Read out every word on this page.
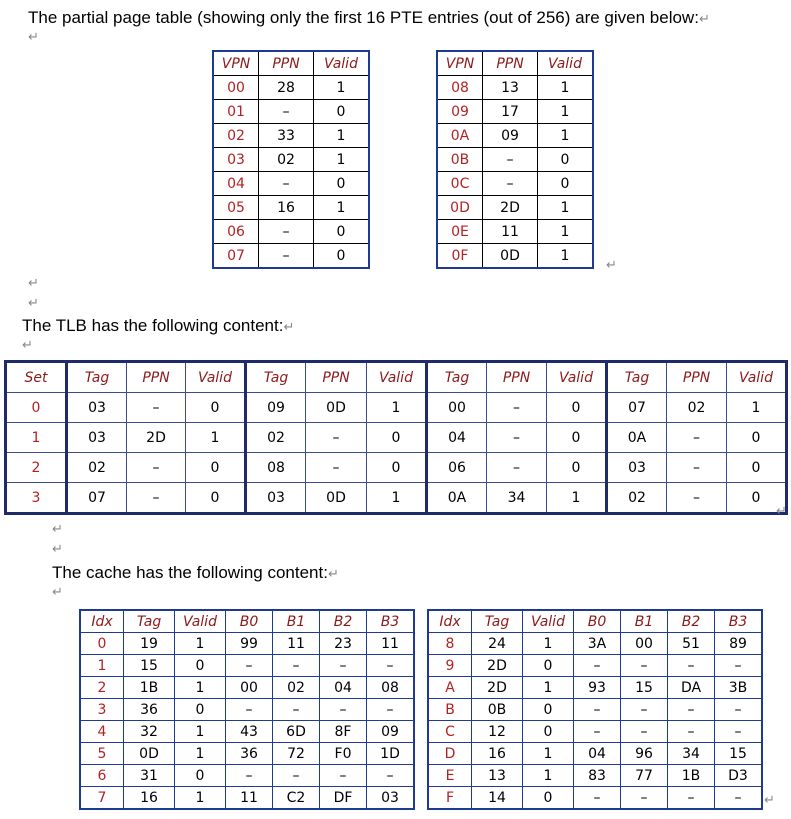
The partial page table (showing only the first 16 PTE entries (out of 256) are given below:↵
↵
VPN	PPN	Valid
00	28	1
01	–	0
02	33	1
03	02	1
04	–	0
05	16	1
06	–	0
07	–	0
VPN	PPN	Valid
08	13	1
09	17	1
0A	09	1
0B	–	0
0C	–	0
0D	2D	1
0E	11	1
0F	0D	1
↵
↵
↵
The TLB has the following content:↵
↵
Set	Tag	PPN	Valid	Tag	PPN	Valid	Tag	PPN	Valid	Tag	PPN	Valid
0	03	–	0	09	0D	1	00	–	0	07	02	1
1	03	2D	1	02	–	0	04	–	0	0A	–	0
2	02	–	0	08	–	0	06	–	0	03	–	0
3	07	–	0	03	0D	1	0A	34	1	02	–	0
↵
↵
↵
The cache has the following content:↵
↵
Idx	Tag	Valid	B0	B1	B2	B3
0	19	1	99	11	23	11
1	15	0	–	–	–	–
2	1B	1	00	02	04	08
3	36	0	–	–	–	–
4	32	1	43	6D	8F	09
5	0D	1	36	72	F0	1D
6	31	0	–	–	–	–
7	16	1	11	C2	DF	03
Idx	Tag	Valid	B0	B1	B2	B3
8	24	1	3A	00	51	89
9	2D	0	–	–	–	–
A	2D	1	93	15	DA	3B
B	0B	0	–	–	–	–
C	12	0	–	–	–	–
D	16	1	04	96	34	15
E	13	1	83	77	1B	D3
F	14	0	–	–	–	– ↵
